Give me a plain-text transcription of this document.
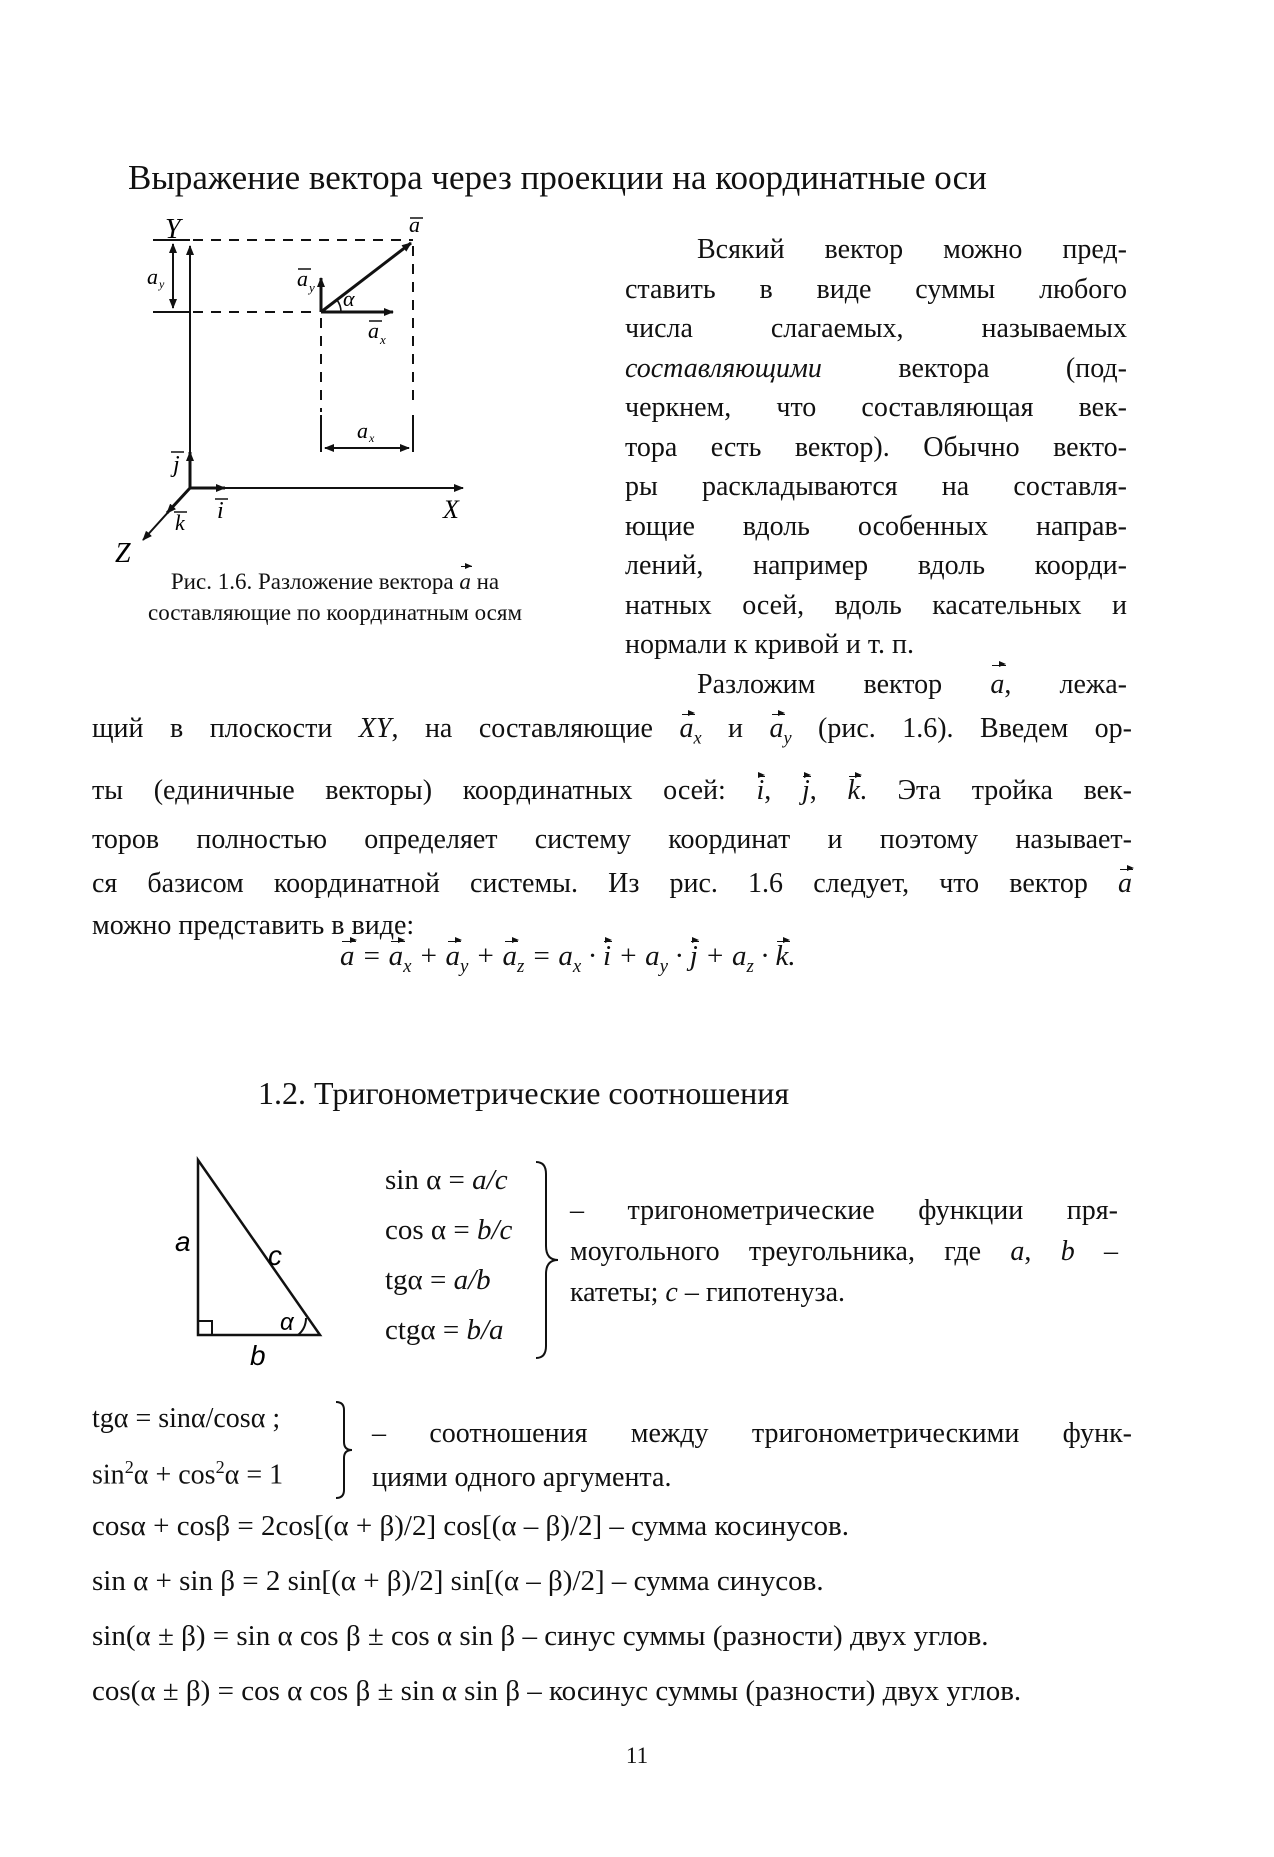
Выражение вектора через проекции на координатные оси
Y
X
Z
a
a y α
a x
a y
a x
i
j
k
Рис. 1.6. Разложение вектора a на
составляющие по координатным осям
Всякий вектор можно пред-
ставить в виде суммы любого
числа слагаемых, называемых
составляющими вектора (под-
черкнем, что составляющая век-
тора есть вектор). Обычно векто-
ры раскладываются на составля-
ющие вдоль особенных направ-
лений, например вдоль коорди-
натных осей, вдоль касательных и
нормали к кривой и т. п.
Разложим вектор a, лежа-
щий в плоскости XY, на составляющие $a_x$ и $a_y$ (рис. 1.6). Введем ор-
ты (единичные векторы) координатных осей: i, j, k. Эта тройка век-
торов полностью определяет систему координат и поэтому называет-
ся базисом координатной системы. Из рис. 1.6 следует, что вектор a
можно представить в виде:
$a = a_x + a_y + a_z = a_x \cdot i + a_y \cdot j + a_z \cdot k$.
1.2. Тригонометрические соотношения
a	c
b
α
sin α = a/c
cos α = b/c
tgα = a/b
ctgα = b/a
– тригонометрические функции пря-
моугольного треугольника, где a, b –
катеты; c – гипотенуза.
tgα = sinα/cosα ;
$\sin^2\alpha + \cos^2\alpha = 1$
– соотношения между тригонометрическими функ-
циями одного аргумента.
cosα + cosβ = 2cos[(α + β)/2] cos[(α – β)/2] – сумма косинусов.
sin α + sin β = 2 sin[(α + β)/2] sin[(α – β)/2] – сумма синусов.
sin(α ± β) = sin α cos β ± cos α sin β – синус суммы (разности) двух углов.
cos(α ± β) = cos α cos β ± sin α sin β – косинус суммы (разности) двух углов.
11
